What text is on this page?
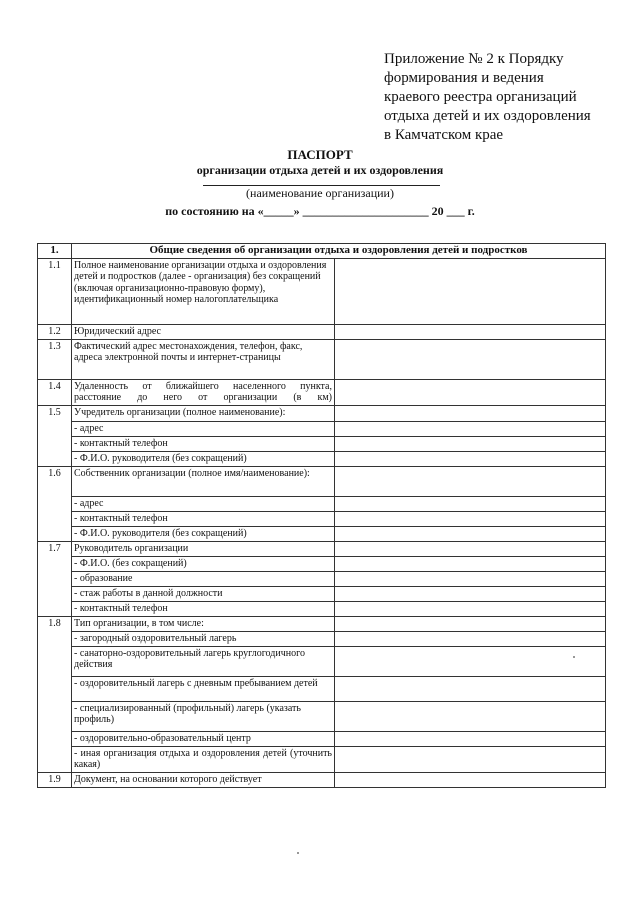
Приложение № 2 к Порядку
формирования и ведения
краевого реестра организаций
отдыха детей и их оздоровления
в Камчатском крае
ПАСПОРТ
организации отдыха детей и их оздоровления
(наименование организации)
по состоянию на «_____» _____________________ 20 ___ г.
1.	Общие сведения об организации отдыха и оздоровления детей и подростков	
1.1	Полное наименование организации отдыха и оздоровления детей и подростков (далее - организация) без сокращений (включая организационно-правовую форму), идентификационный номер налогоплательщика	
1.2	Юридический адрес	
1.3	Фактический адрес местонахождения, телефон, факс, адреса электронной почты и интернет-страницы	
1.4	Удаленность от ближайшего населенного пункта, расстояние до него от организации (в км)	
1.5	Учредитель организации (полное наименование):	
	- адрес	
	- контактный телефон	
	- Ф.И.О. руководителя (без сокращений)	
1.6	Собственник организации (полное имя/наименование):	
	- адрес	
	- контактный телефон	
	- Ф.И.О. руководителя (без сокращений)	
1.7	Руководитель организации	
	- Ф.И.О. (без сокращений)	
	- образование	
	- стаж работы в данной должности	
	- контактный телефон	
1.8	Тип организации, в том числе:	
	- загородный оздоровительный лагерь	
	- санаторно-оздоровительный лагерь круглогодичного действия	
	- оздоровительный лагерь с дневным пребыванием детей	
	- специализированный (профильный) лагерь (указать профиль)	
	- оздоровительно-образовательный центр	
	- иная организация отдыха и оздоровления детей (уточнить какая)	
1.9	Документ, на основании которого действует	
